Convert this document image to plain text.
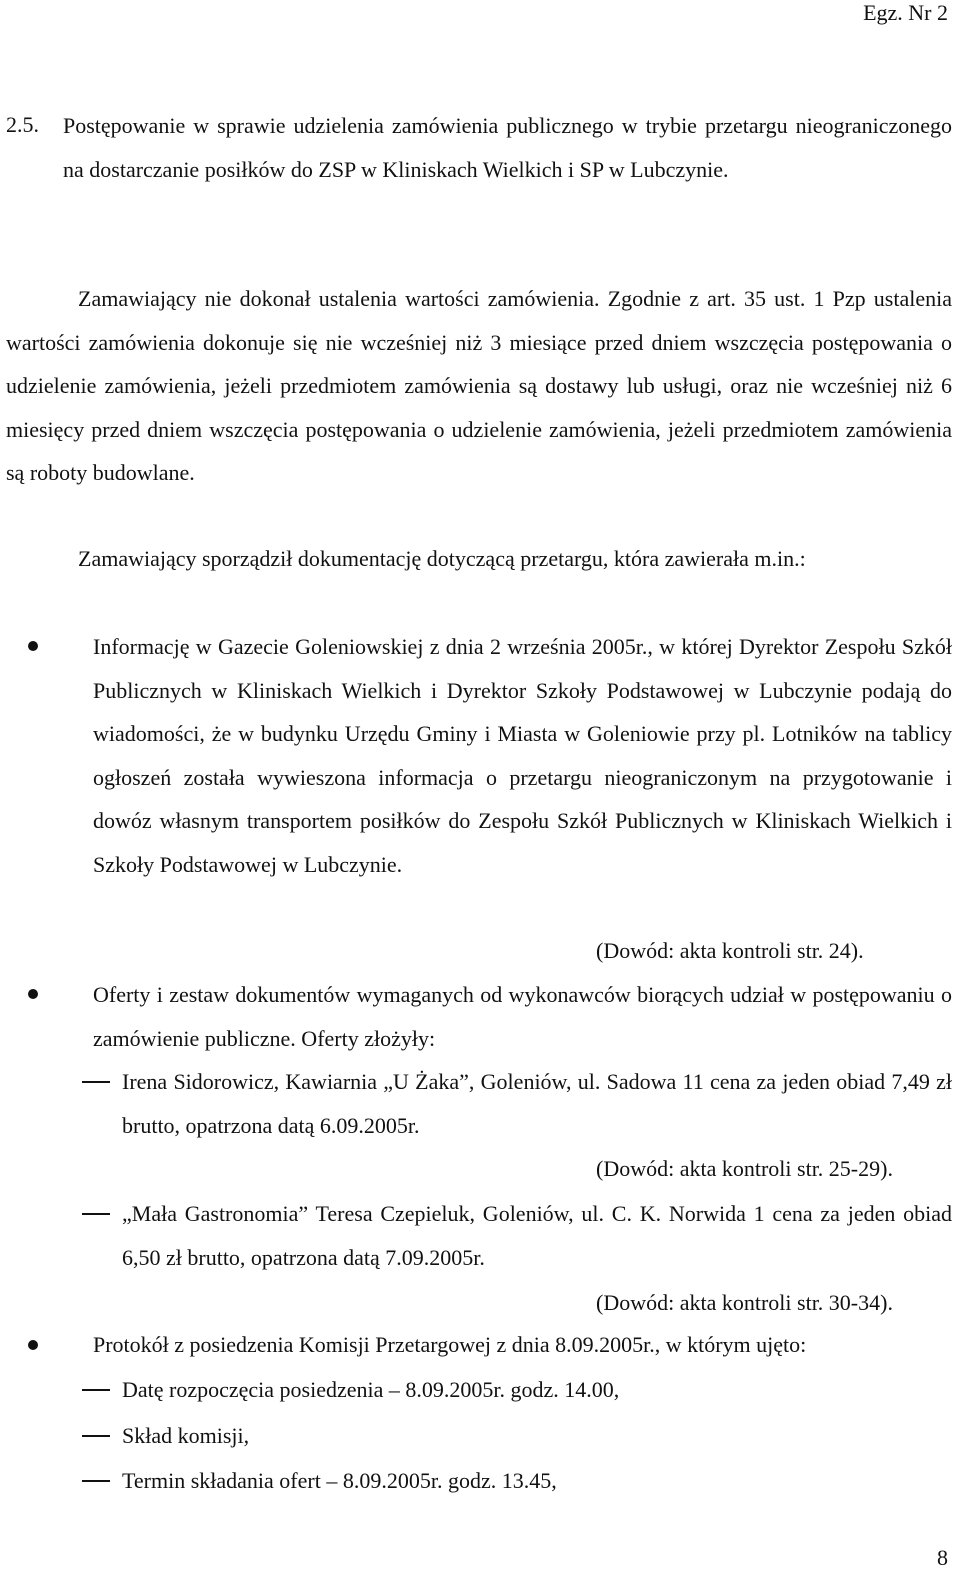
Egz. Nr 2
2.5. Postępowanie w sprawie udzielenia zamówienia publicznego w trybie przetargu nieograniczonego na dostarczanie posiłków do ZSP w Kliniskach Wielkich i SP w Lubczynie.

Zamawiający nie dokonał ustalenia wartości zamówienia. Zgodnie z art. 35 ust. 1 Pzp ustalenia wartości zamówienia dokonuje się nie wcześniej niż 3 miesiące przed dniem wszczęcia postępowania o udzielenie zamówienia, jeżeli przedmiotem zamówienia są dostawy lub usługi, oraz nie wcześniej niż 6 miesięcy przed dniem wszczęcia postępowania o udzielenie zamówienia, jeżeli przedmiotem zamówienia są roboty budowlane.

Zamawiający sporządził dokumentację dotyczącą przetargu, która zawierała m.in.:

Informację w Gazecie Goleniowskiej z dnia 2 września 2005r., w której Dyrektor Zespołu Szkół Publicznych w Kliniskach Wielkich i Dyrektor Szkoły Podstawowej w Lubczynie podają do wiadomości, że w budynku Urzędu Gminy i Miasta w Goleniowie przy pl. Lotników na tablicy ogłoszeń została wywieszona informacja o przetargu nieograniczonym na przygotowanie i dowóz własnym transportem posiłków do Zespołu Szkół Publicznych w Kliniskach Wielkich i Szkoły Podstawowej w Lubczynie.

(Dowód: akta kontroli str. 24).

Oferty i zestaw dokumentów wymaganych od wykonawców biorących udział w postępowaniu o zamówienie publiczne. Oferty złożyły:

Irena Sidorowicz, Kawiarnia „U Żaka”, Goleniów, ul. Sadowa 11 cena za jeden obiad 7,49 zł brutto, opatrzona datą 6.09.2005r.

(Dowód: akta kontroli str. 25-29).

„Mała Gastronomia” Teresa Czepieluk, Goleniów, ul. C. K. Norwida 1 cena za jeden obiad 6,50 zł brutto, opatrzona datą 7.09.2005r.

(Dowód: akta kontroli str. 30-34).
Protokół z posiedzenia Komisji Przetargowej z dnia 8.09.2005r., w którym ujęto:
Datę rozpoczęcia posiedzenia – 8.09.2005r. godz. 14.00,
Skład komisji,
Termin składania ofert – 8.09.2005r. godz. 13.45,
8
